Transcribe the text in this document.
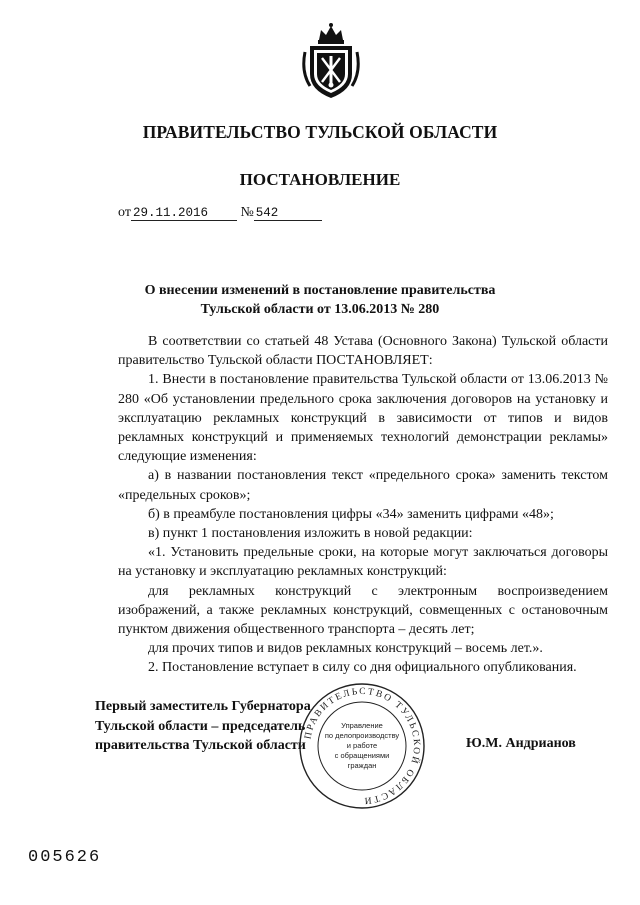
ПРАВИТЕЛЬСТВО ТУЛЬСКОЙ ОБЛАСТИ
ПОСТАНОВЛЕНИЕ
от 29.11.2016 № 542
О внесении изменений в постановление правительства
Тульской области от 13.06.2013 № 280

В соответствии со статьей 48 Устава (Основного Закона) Тульской области правительство Тульской области ПОСТАНОВЛЯЕТ:

1. Внести в постановление правительства Тульской области от 13.06.2013 № 280 «Об установлении предельного срока заключения договоров на установку и эксплуатацию рекламных конструкций в зависимости от типов и видов рекламных конструкций и применяемых технологий демонстрации рекламы» следующие изменения:

а) в названии постановления текст «предельного срока» заменить текстом «предельных сроков»;

б) в преамбуле постановления цифры «34» заменить цифрами «48»;

в) пункт 1 постановления изложить в новой редакции:

«1. Установить предельные сроки, на которые могут заключаться договоры на установку и эксплуатацию рекламных конструкций:

для рекламных конструкций с электронным воспроизведением изображений, а также рекламных конструкций, совмещенных с остановочным пунктом движения общественного транспорта – десять лет;

для прочих типов и видов рекламных конструкций – восемь лет.».

2. Постановление вступает в силу со дня официального опубликования.

Первый заместитель Губернатора
Тульской области – председатель
правительства Тульской области
ПРАВИТЕЛЬСТВО ТУЛЬСКОЙ ОБЛАСТИ
Управление
по делопроизводству
и работе
с обращениями
граждан
Ю.М. Андрианов
005626
